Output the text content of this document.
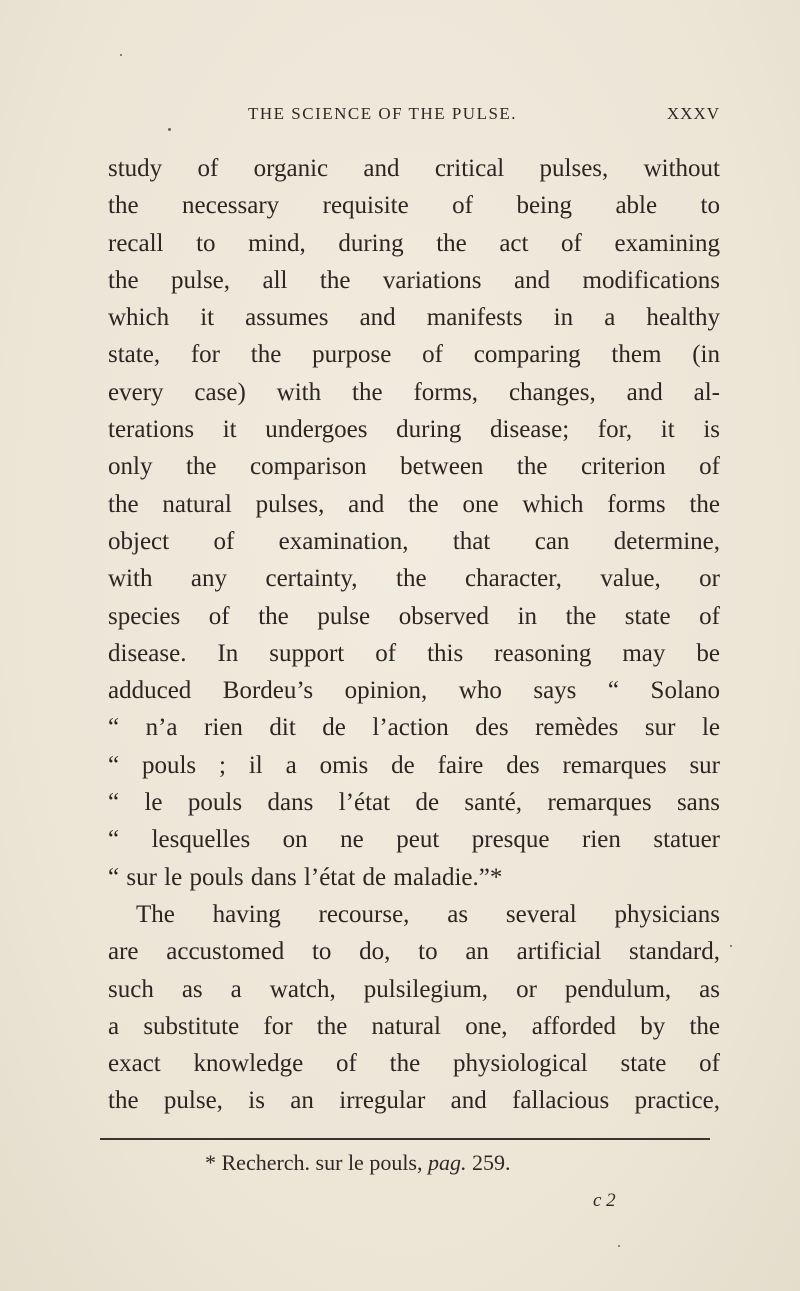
THE SCIENCE OF THE PULSE.	XXXV
study of organic and critical pulses, without
the necessary requisite of being able to
recall to mind, during the act of examining
the pulse, all the variations and modifications
which it assumes and manifests in a healthy
state, for the purpose of comparing them (in
every case) with the forms, changes, and al-
terations it undergoes during disease; for, it is
only the comparison between the criterion of
the natural pulses, and the one which forms the
object of examination, that can determine,
with any certainty, the character, value, or
species of the pulse observed in the state of
disease. In support of this reasoning may be
adduced Bordeu’s opinion, who says “ Solano
“ n’a rien dit de l’action des remèdes sur le
“ pouls ; il a omis de faire des remarques sur
“ le pouls dans l’état de santé, remarques sans
“ lesquelles on ne peut presque rien statuer
“ sur le pouls dans l’état de maladie.”*
The having recourse, as several physicians
are accustomed to do, to an artificial standard,
such as a watch, pulsilegium, or pendulum, as
a substitute for the natural one, afforded by the
exact knowledge of the physiological state of
the pulse, is an irregular and fallacious practice,
* Recherch. sur le pouls, pag. 259.
c 2
